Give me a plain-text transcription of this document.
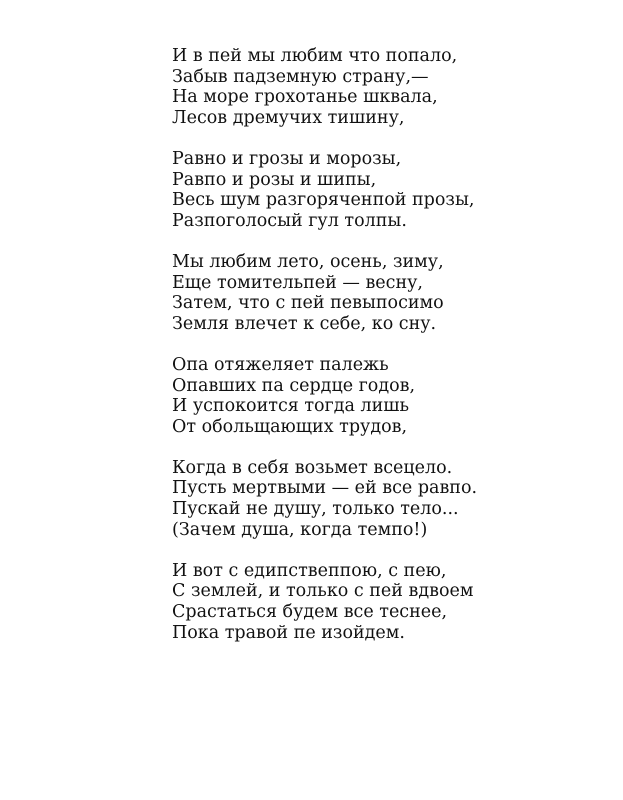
И в пей мы любим что попало,
Забыв падземную страну,—
На море грохотанье шквала,
Лесов дремучих тишину,
Равно и грозы и морозы,
Равпо и розы и шипы,
Весь шум разгоряченпой прозы,
Разпоголосый гул толпы.
Мы любим лето, осень, зиму,
Еще томительпей — весну,
Затем, что с пей певыпосимо
Земля влечет к себе, ко сну.
Опа отяжеляет палежь
Опавших па сердце годов,
И успокоится тогда лишь
От обольщающих трудов,
Когда в себя возьмет всецело.
Пусть мертвыми — ей все равпо.
Пускай не душу, только тело...
(Зачем душа, когда темпо!)
И вот с едипствеппою, с пею,
С землей, и только с пей вдвоем
Срастаться будем все теснее,
Пока травой пе изойдем.
